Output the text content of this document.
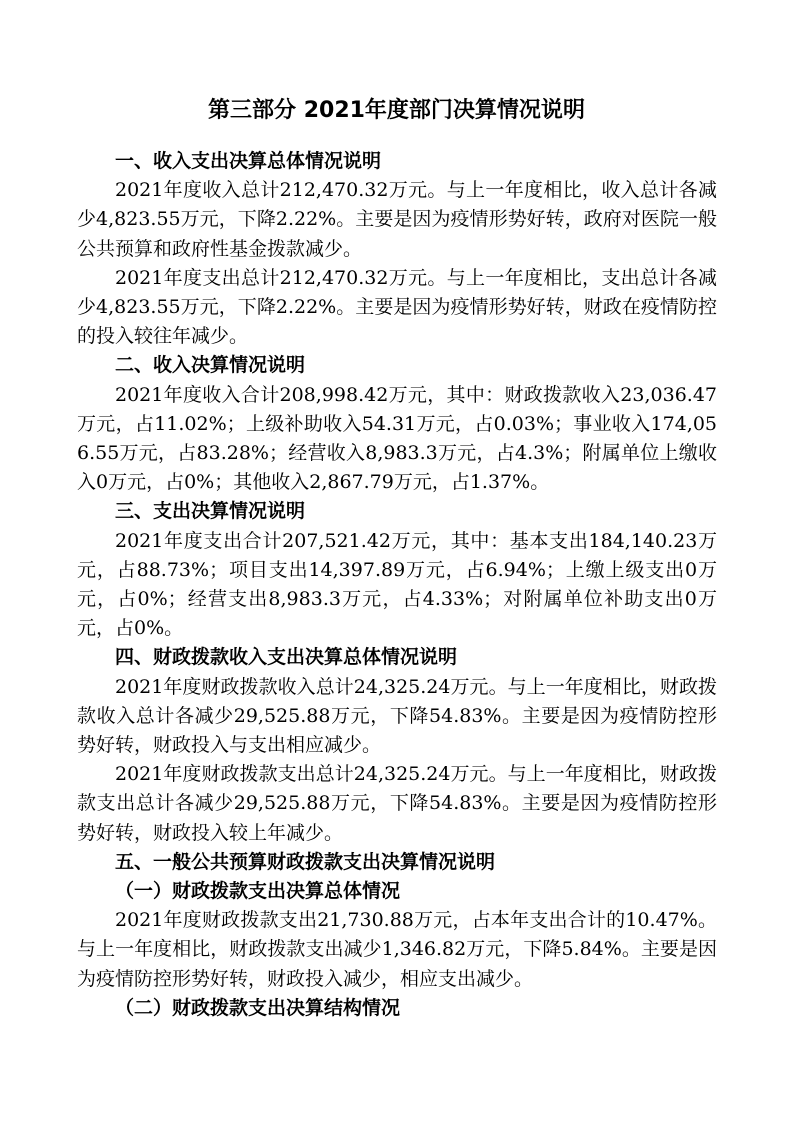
第三部分 2021年度部门决算情况说明
一、收入支出决算总体情况说明

2021年度收入总计212,470.32万元。与上一年度相比，收入总计各减少4,823.55万元，下降2.22%。主要是因为疫情形势好转，政府对医院一般公共预算和政府性基金拨款减少。

2021年度支出总计212,470.32万元。与上一年度相比，支出总计各减少4,823.55万元，下降2.22%。主要是因为疫情形势好转，财政在疫情防控的投入较往年减少。

二、收入决算情况说明

2021年度收入合计208,998.42万元，其中：财政拨款收入23,036.47万元，占11.02%；上级补助收入54.31万元，占0.03%；事业收入174,056.55万元，占83.28%；经营收入8,983.3万元，占4.3%；附属单位上缴收入0万元，占0%；其他收入2,867.79万元，占1.37%。

三、支出决算情况说明

2021年度支出合计207,521.42万元，其中：基本支出184,140.23万元，占88.73%；项目支出14,397.89万元，占6.94%；上缴上级支出0万元，占0%；经营支出8,983.3万元，占4.33%；对附属单位补助支出0万元，占0%。

四、财政拨款收入支出决算总体情况说明

2021年度财政拨款收入总计24,325.24万元。与上一年度相比，财政拨款收入总计各减少29,525.88万元，下降54.83%。主要是因为疫情防控形势好转，财政投入与支出相应减少。

2021年度财政拨款支出总计24,325.24万元。与上一年度相比，财政拨款支出总计各减少29,525.88万元，下降54.83%。主要是因为疫情防控形势好转，财政投入较上年减少。

五、一般公共预算财政拨款支出决算情况说明
（一）财政拨款支出决算总体情况

2021年度财政拨款支出21,730.88万元，占本年支出合计的10.47%。与上一年度相比，财政拨款支出减少1,346.82万元，下降5.84%。主要是因为疫情防控形势好转，财政投入减少，相应支出减少。

（二）财政拨款支出决算结构情况
